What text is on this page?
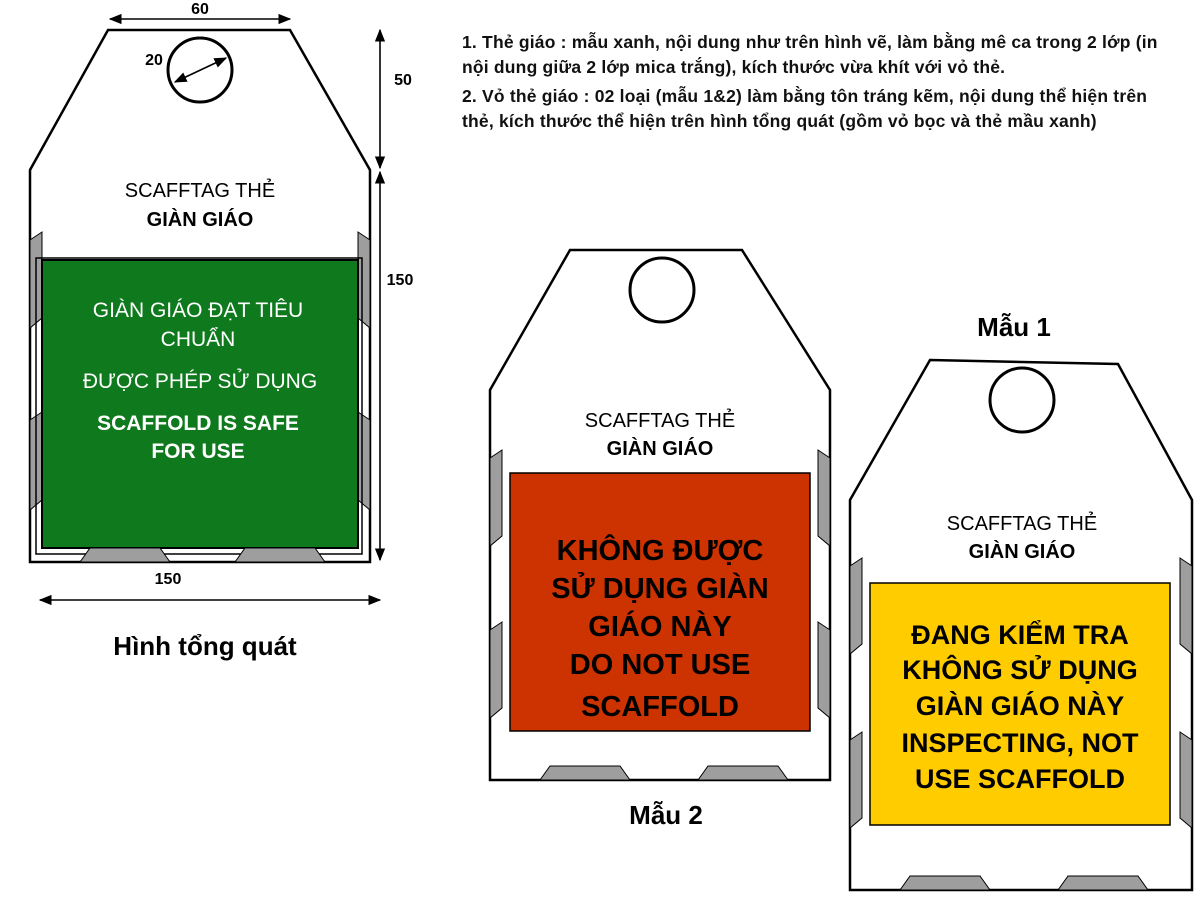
1. Thẻ giáo : mẫu xanh, nội dung như trên hình vẽ, làm bằng mê ca trong 2 lớp (in nội dung giữa 2 lớp mica trắng), kích thước vừa khít với vỏ thẻ.

2. Vỏ thẻ giáo : 02 loại (mẫu 1&2) làm bằng tôn tráng kẽm, nội dung thể hiện trên thẻ, kích thước thể hiện trên hình tổng quát (gồm vỏ bọc và thẻ mầu xanh)

20
60
50
150
150
SCAFFTAG THẺ
GIÀN GIÁO
GIÀN GIÁO ĐẠT TIÊU
CHUẨN
ĐƯỢC PHÉP SỬ DỤNG
SCAFFOLD IS SAFE
FOR USE
Hình tổng quát
SCAFFTAG THẺ
GIÀN GIÁO
KHÔNG ĐƯỢC
SỬ DỤNG GIÀN
GIÁO NÀY
DO NOT USE
SCAFFOLD
Mẫu 2
Mẫu 1
SCAFFTAG THẺ
GIÀN GIÁO
ĐANG KIỂM TRA
KHÔNG SỬ DỤNG
GIÀN GIÁO NÀY
INSPECTING, NOT
USE SCAFFOLD
